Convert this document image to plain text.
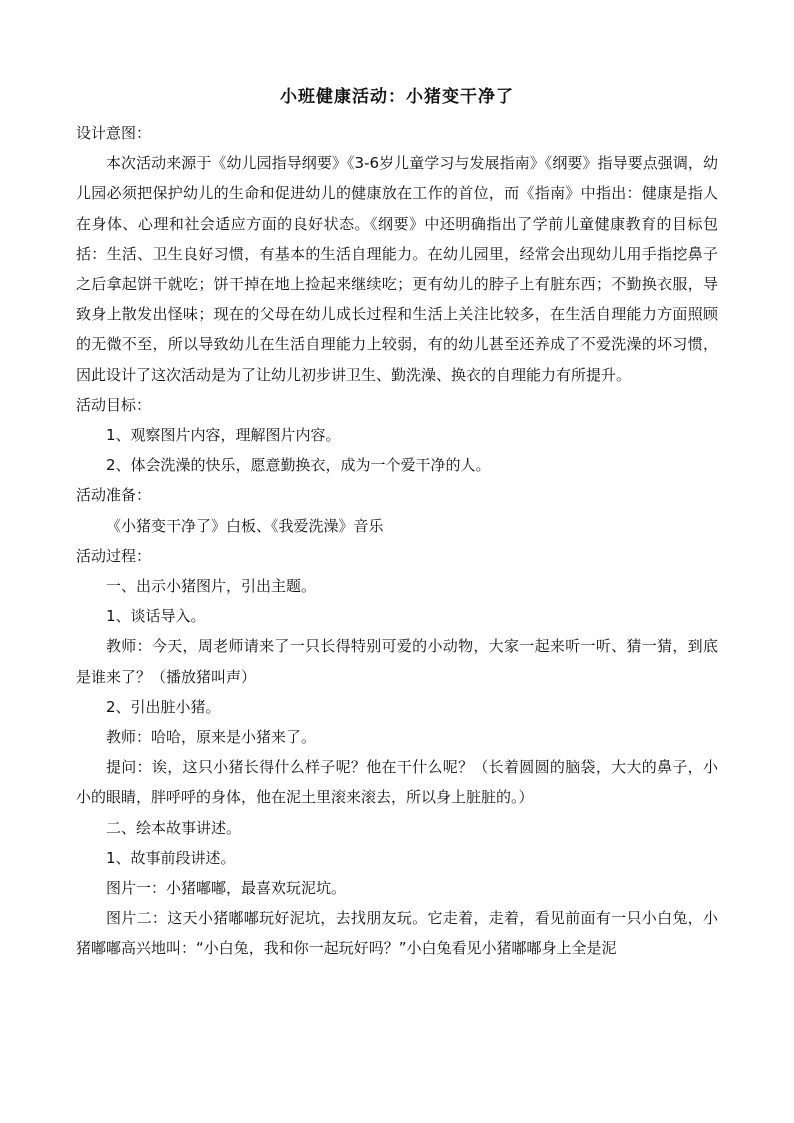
小班健康活动：小猪变干净了

设计意图：

本次活动来源于《幼儿园指导纲要》《3-6岁儿童学习与发展指南》《纲要》指导要点强调，幼儿园必须把保护幼儿的生命和促进幼儿的健康放在工作的首位，而《指南》中指出：健康是指人在身体、心理和社会适应方面的良好状态。《纲要》中还明确指出了学前儿童健康教育的目标包括：生活、卫生良好习惯，有基本的生活自理能力。在幼儿园里，经常会出现幼儿用手指挖鼻子之后拿起饼干就吃；饼干掉在地上捡起来继续吃；更有幼儿的脖子上有脏东西；不勤换衣服，导致身上散发出怪味；现在的父母在幼儿成长过程和生活上关注比较多，在生活自理能力方面照顾的无微不至，所以导致幼儿在生活自理能力上较弱，有的幼儿甚至还养成了不爱洗澡的坏习惯，因此设计了这次活动是为了让幼儿初步讲卫生、勤洗澡、换衣的自理能力有所提升。

活动目标：

1、观察图片内容，理解图片内容。

2、体会洗澡的快乐，愿意勤换衣，成为一个爱干净的人。

活动准备：

《小猪变干净了》白板、《我爱洗澡》音乐

活动过程：

一、出示小猪图片，引出主题。

1、谈话导入。

教师：今天，周老师请来了一只长得特别可爱的小动物，大家一起来听一听、猜一猜，到底是谁来了？（播放猪叫声）

2、引出脏小猪。

教师：哈哈，原来是小猪来了。

提问：诶，这只小猪长得什么样子呢？他在干什么呢？（长着圆圆的脑袋，大大的鼻子，小小的眼睛，胖呼呼的身体，他在泥土里滚来滚去，所以身上脏脏的。）

二、绘本故事讲述。

1、故事前段讲述。

图片一：小猪嘟嘟，最喜欢玩泥坑。

图片二：这天小猪嘟嘟玩好泥坑，去找朋友玩。它走着，走着，看见前面有一只小白兔，小猪嘟嘟高兴地叫：“小白兔，我和你一起玩好吗？”小白兔看见小猪嘟嘟身上全是泥
